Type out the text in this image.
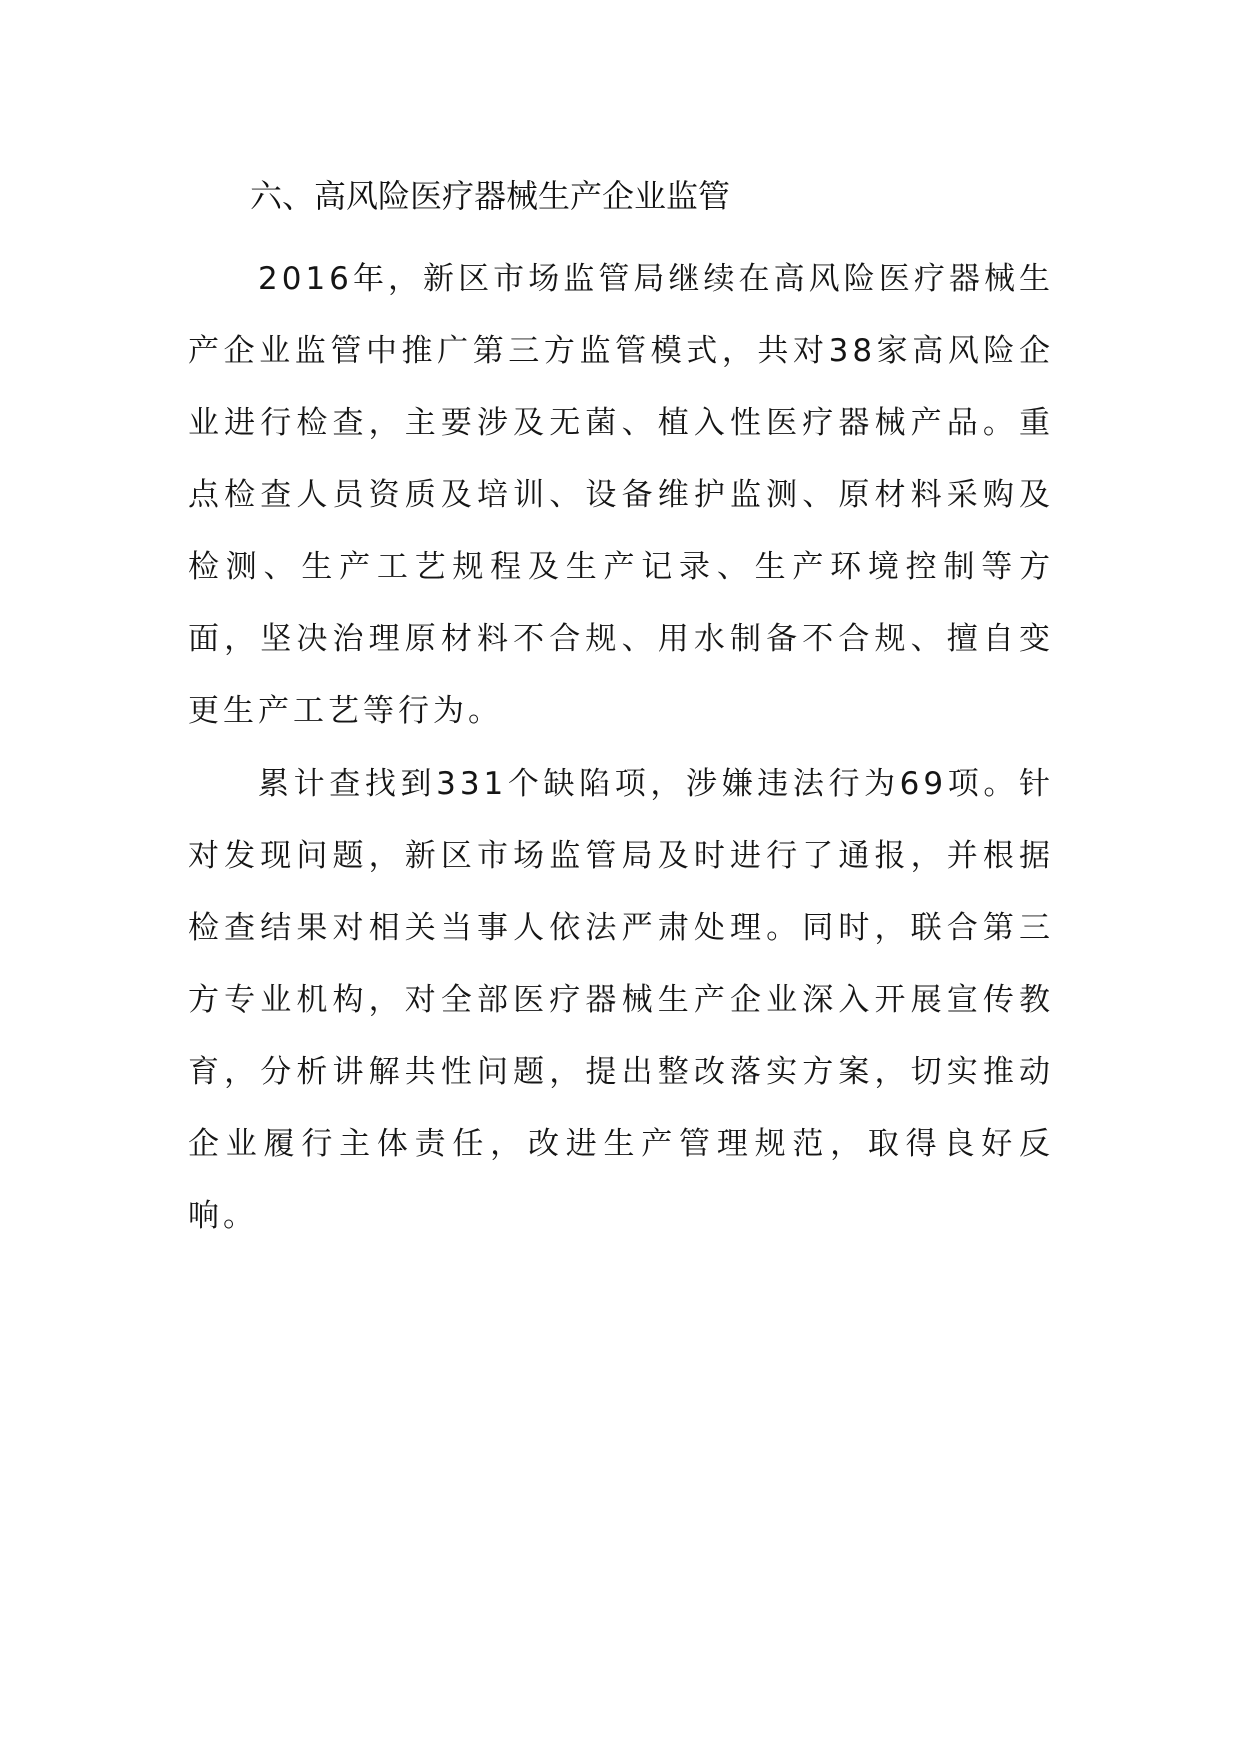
六、高风险医疗器械生产企业监管

2016年，新区市场监管局继续在高风险医疗器械生产企业监管中推广第三方监管模式，共对38家高风险企业进行检查，主要涉及无菌、植入性医疗器械产品。重点检查人员资质及培训、设备维护监测、原材料采购及检测、生产工艺规程及生产记录、生产环境控制等方面，坚决治理原材料不合规、用水制备不合规、擅自变更生产工艺等行为。

累计查找到331个缺陷项，涉嫌违法行为69项。针对发现问题，新区市场监管局及时进行了通报，并根据检查结果对相关当事人依法严肃处理。同时，联合第三方专业机构，对全部医疗器械生产企业深入开展宣传教育，分析讲解共性问题，提出整改落实方案，切实推动企业履行主体责任，改进生产管理规范，取得良好反响。
